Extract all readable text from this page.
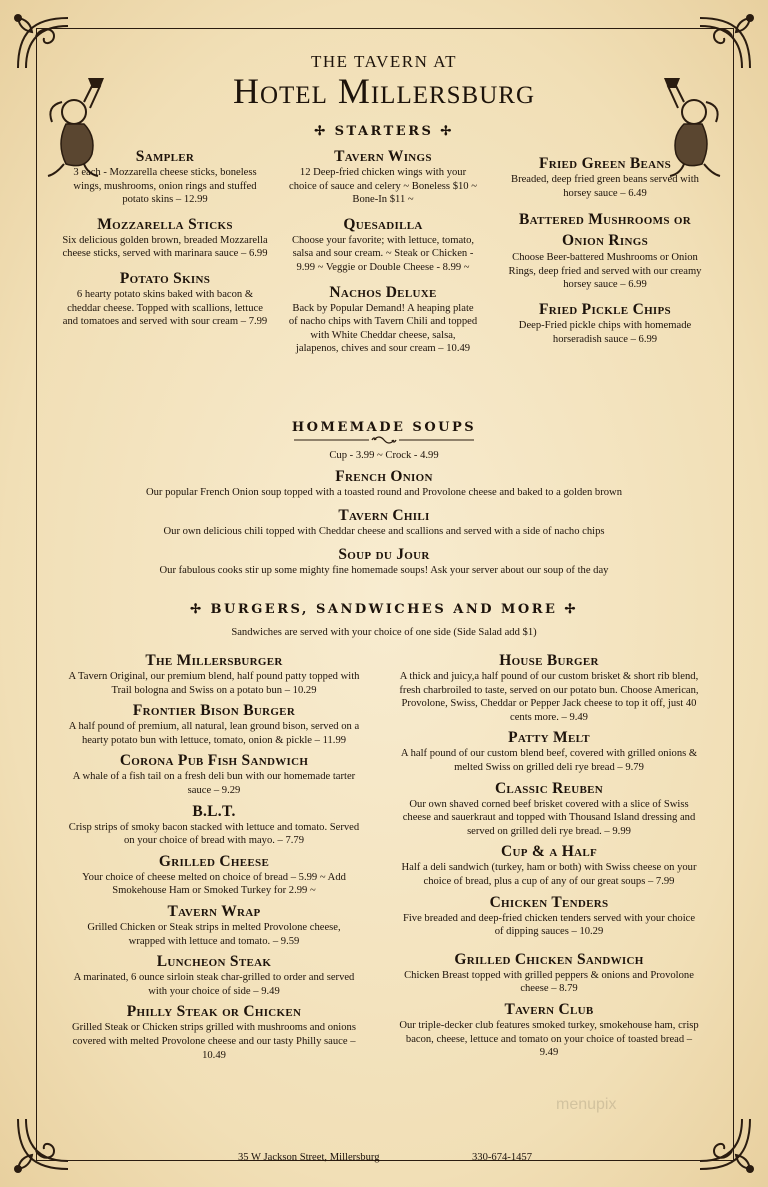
THE TAVERN AT
Hotel Millersburg
✢ STARTERS ✢
Sampler
3 each - Mozzarella cheese sticks, boneless wings, mushrooms, onion rings and stuffed potato skins – 12.99
Mozzarella Sticks
Six delicious golden brown, breaded Mozzarella cheese sticks, served with marinara sauce – 6.99
Potato Skins
6 hearty potato skins baked with bacon & cheddar cheese. Topped with scallions, lettuce and tomatoes and served with sour cream – 7.99
Tavern Wings
12 Deep-fried chicken wings with your choice of sauce and celery ~ Boneless $10 ~ Bone-In $11 ~
Quesadilla
Choose your favorite; with lettuce, tomato, salsa and sour cream. ~ Steak or Chicken - 9.99 ~ Veggie or Double Cheese - 8.99 ~
Nachos Deluxe
Back by Popular Demand! A heaping plate of nacho chips with Tavern Chili and topped with White Cheddar cheese, salsa, jalapenos, chives and sour cream – 10.49
Fried Green Beans
Breaded, deep fried green beans served with horsey sauce – 6.49
Battered Mushrooms or Onion Rings
Choose Beer-battered Mushrooms or Onion Rings, deep fried and served with our creamy horsey sauce – 6.99
Fried Pickle Chips
Deep-Fried pickle chips with homemade horseradish sauce – 6.99
HOMEMADE SOUPS
Cup - 3.99 ~ Crock - 4.99
French Onion
Our popular French Onion soup topped with a toasted round and Provolone cheese and baked to a golden brown
Tavern Chili
Our own delicious chili topped with Cheddar cheese and scallions and served with a side of nacho chips
Soup du Jour
Our fabulous cooks stir up some mighty fine homemade soups! Ask your server about our soup of the day
✢ BURGERS, SANDWICHES AND MORE ✢
Sandwiches are served with your choice of one side (Side Salad add $1)
The Millersburger
A Tavern Original, our premium blend, half pound patty topped with Trail bologna and Swiss on a potato bun – 10.29
Frontier Bison Burger
A half pound of premium, all natural, lean ground bison, served on a hearty potato bun with lettuce, tomato, onion & pickle – 11.99
Corona Pub Fish Sandwich
A whale of a fish tail on a fresh deli bun with our homemade tarter sauce – 9.29
B.L.T.
Crisp strips of smoky bacon stacked with lettuce and tomato. Served on your choice of bread with mayo. – 7.79
Grilled Cheese
Your choice of cheese melted on choice of bread – 5.99 ~ Add Smokehouse Ham or Smoked Turkey for 2.99 ~
Tavern Wrap
Grilled Chicken or Steak strips in melted Provolone cheese, wrapped with lettuce and tomato. – 9.59
Luncheon Steak
A marinated, 6 ounce sirloin steak char-grilled to order and served with your choice of side – 9.49
Philly Steak or Chicken
Grilled Steak or Chicken strips grilled with mushrooms and onions covered with melted Provolone cheese and our tasty Philly sauce – 10.49
House Burger
A thick and juicy,a half pound of our custom brisket & short rib blend, fresh charbroiled to taste, served on our potato bun. Choose American, Provolone, Swiss, Cheddar or Pepper Jack cheese to top it off, just 40 cents more. – 9.49
Patty Melt
A half pound of our custom blend beef, covered with grilled onions & melted Swiss on grilled deli rye bread – 9.79
Classic Reuben
Our own shaved corned beef brisket covered with a slice of Swiss cheese and sauerkraut and topped with Thousand Island dressing and served on grilled deli rye bread. – 9.99
Cup & a Half
Half a deli sandwich (turkey, ham or both) with Swiss cheese on your choice of bread, plus a cup of any of our great soups – 7.99
Chicken Tenders
Five breaded and deep-fried chicken tenders served with your choice of dipping sauces – 10.29
Grilled Chicken Sandwich
Chicken Breast topped with grilled peppers & onions and Provolone cheese – 8.79
Tavern Club
Our triple-decker club features smoked turkey, smokehouse ham, crisp bacon, cheese, lettuce and tomato on your choice of toasted bread – 9.49
menupix
35 W Jackson Street, Millersburg	330-674-1457
